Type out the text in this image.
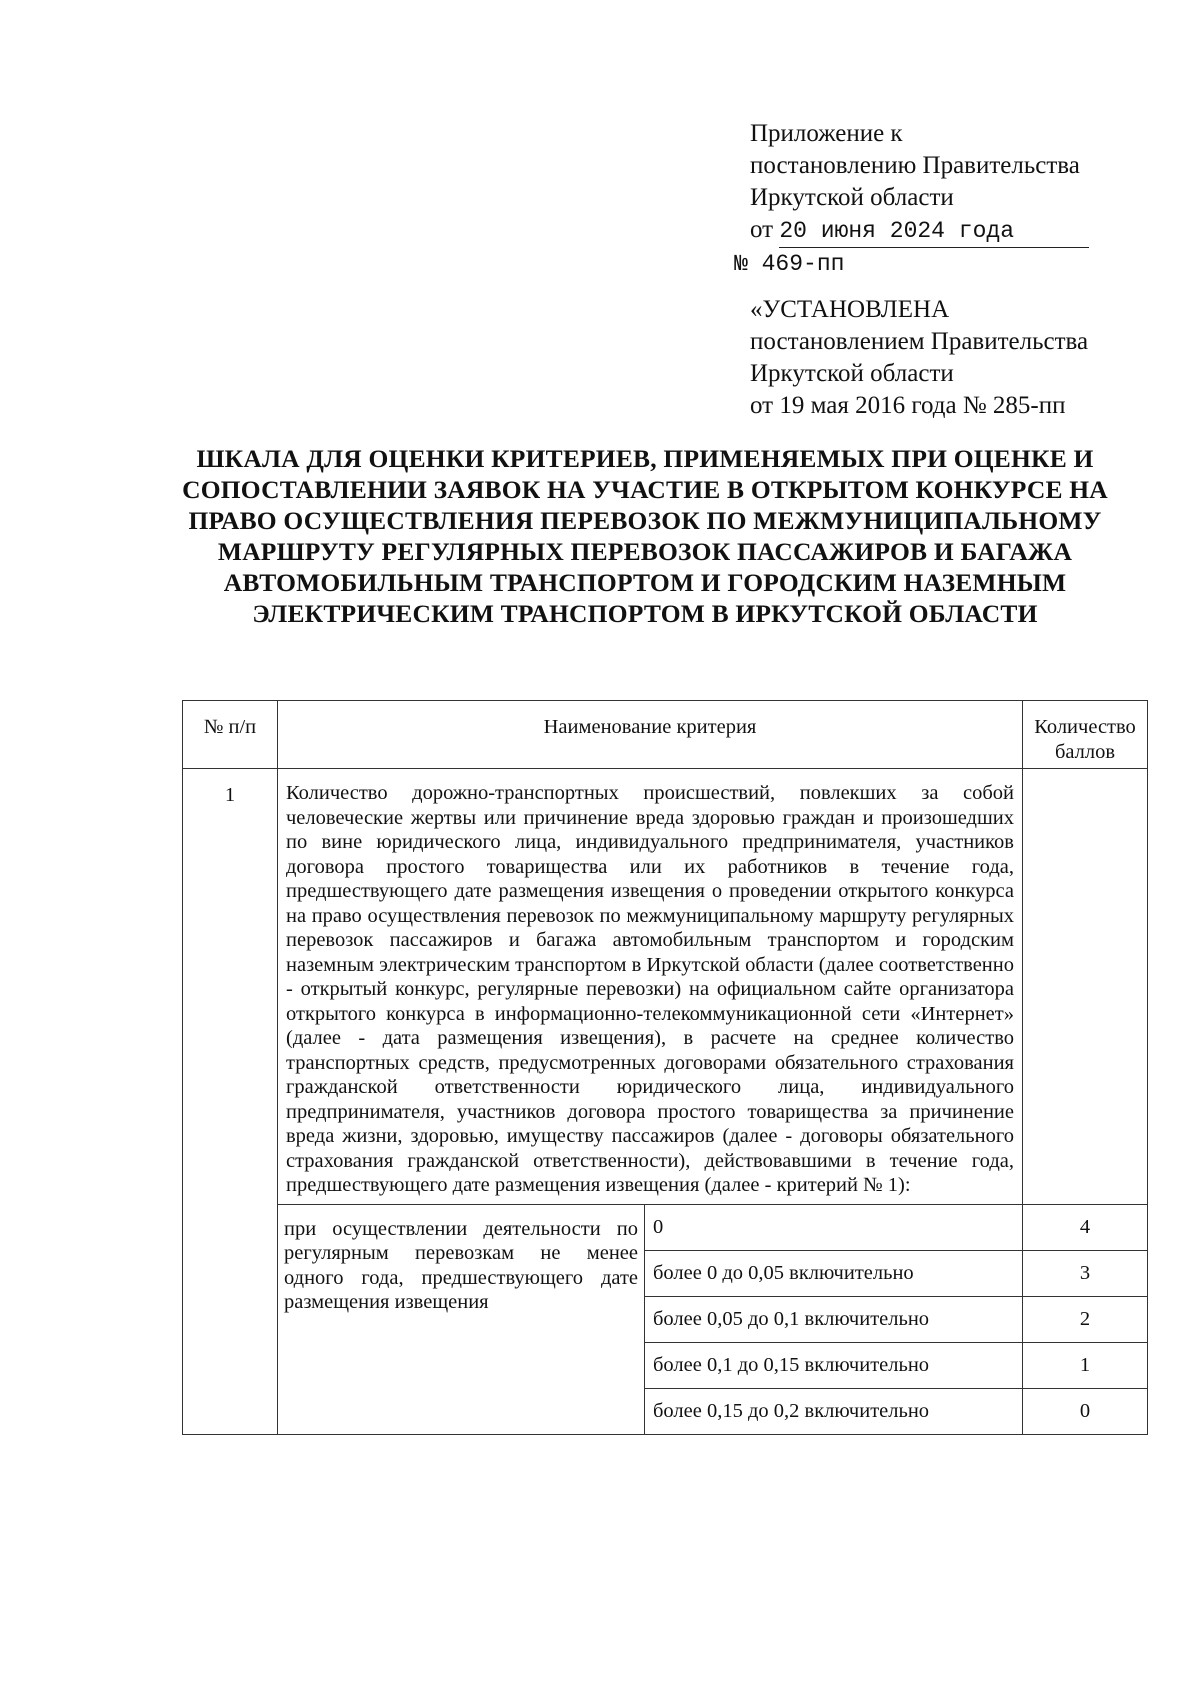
Приложение к
постановлению Правительства
Иркутской области
от 20 июня 2024 года
№ 469-пп
«УСТАНОВЛЕНА
постановлением Правительства
Иркутской области
от 19 мая 2016 года № 285-пп
ШКАЛА ДЛЯ ОЦЕНКИ КРИТЕРИЕВ, ПРИМЕНЯЕМЫХ ПРИ ОЦЕНКЕ И СОПОСТАВЛЕНИИ ЗАЯВОК НА УЧАСТИЕ В ОТКРЫТОМ КОНКУРСЕ НА ПРАВО ОСУЩЕСТВЛЕНИЯ ПЕРЕВОЗОК ПО МЕЖМУНИЦИПАЛЬНОМУ МАРШРУТУ РЕГУЛЯРНЫХ ПЕРЕВОЗОК ПАССАЖИРОВ И БАГАЖА АВТОМОБИЛЬНЫМ ТРАНСПОРТОМ И ГОРОДСКИМ НАЗЕМНЫМ ЭЛЕКТРИЧЕСКИМ ТРАНСПОРТОМ В ИРКУТСКОЙ ОБЛАСТИ
№ п/п	Наименование критерия		Количество баллов
1	Количество дорожно-транспортных происшествий, повлекших за собой человеческие жертвы или причинение вреда здоровью граждан и произошедших по вине юридического лица, индивидуального предпринимателя, участников договора простого товарищества или их работников в течение года, предшествующего дате размещения извещения о проведении открытого конкурса на право осуществления перевозок по межмуниципальному маршруту регулярных перевозок пассажиров и багажа автомобильным транспортом и городским наземным электрическим транспортом в Иркутской области (далее соответственно - открытый конкурс, регулярные перевозки) на официальном сайте организатора открытого конкурса в информационно-телекоммуникационной сети «Интернет» (далее - дата размещения извещения), в расчете на среднее количество транспортных средств, предусмотренных договорами обязательного страхования гражданской ответственности юридического лица, индивидуального предпринимателя, участников договора простого товарищества за причинение вреда жизни, здоровью, имуществу пассажиров (далее - договоры обязательного страхования гражданской ответственности), действовавшими в течение года, предшествующего дате размещения извещения (далее - критерий № 1):		
	при осуществлении деятельности по регулярным перевозкам не менее одного года, предшествующего дате размещения извещения	0	4
		более 0 до 0,05 включительно	3
		более 0,05 до 0,1 включительно	2
		более 0,1 до 0,15 включительно	1
		более 0,15 до 0,2 включительно	0
